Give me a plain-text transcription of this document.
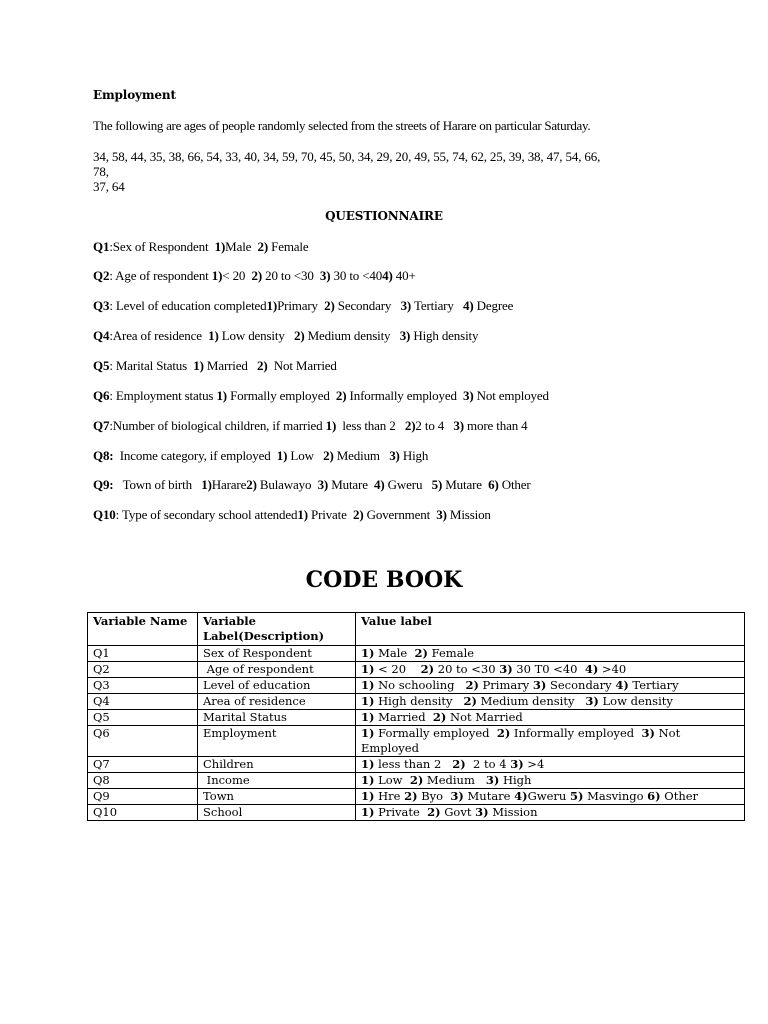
Employment
The following are ages of people randomly selected from the streets of Harare on particular Saturday.
34, 58, 44, 35, 38, 66, 54, 33, 40, 34, 59, 70, 45, 50, 34, 29, 20, 49, 55, 74, 62, 25, 39, 38, 47, 54, 66,
78,
37, 64
QUESTIONNAIRE
Q1:Sex of Respondent  1)Male  2) Female
Q2: Age of respondent 1)< 20  2) 20 to <30  3) 30 to <404) 40+
Q3: Level of education completed1)Primary  2) Secondary   3) Tertiary   4) Degree
Q4:Area of residence  1) Low density   2) Medium density   3) High density
Q5: Marital Status  1) Married   2)  Not Married
Q6: Employment status 1) Formally employed  2) Informally employed  3) Not employed
Q7:Number of biological children, if married 1)  less than 2   2)2 to 4   3) more than 4
Q8:  Income category, if employed  1) Low   2) Medium   3) High
Q9:   Town of birth   1)Harare2) Bulawayo  3) Mutare  4) Gweru   5) Mutare  6) Other
Q10: Type of secondary school attended1) Private  2) Government  3) Mission
CODE BOOK
Variable Name	Variable Label(Description)	Value label
Q1	Sex of Respondent	1) Male  2) Female
Q2	Age of respondent	1) < 20    2) 20 to <30 3) 30 T0 <40  4) >40
Q3	Level of education	1) No schooling   2) Primary 3) Secondary 4) Tertiary
Q4	Area of residence	1) High density   2) Medium density   3) Low density
Q5	Marital Status	1) Married  2) Not Married
Q6	Employment	1) Formally employed  2) Informally employed  3) Not Employed
Q7	Children	1) less than 2   2)  2 to 4 3) >4
Q8	Income	1) Low  2) Medium   3) High
Q9	Town	1) Hre 2) Byo  3) Mutare 4)Gweru 5) Masvingo 6) Other
Q10	School	1) Private  2) Govt 3) Mission
